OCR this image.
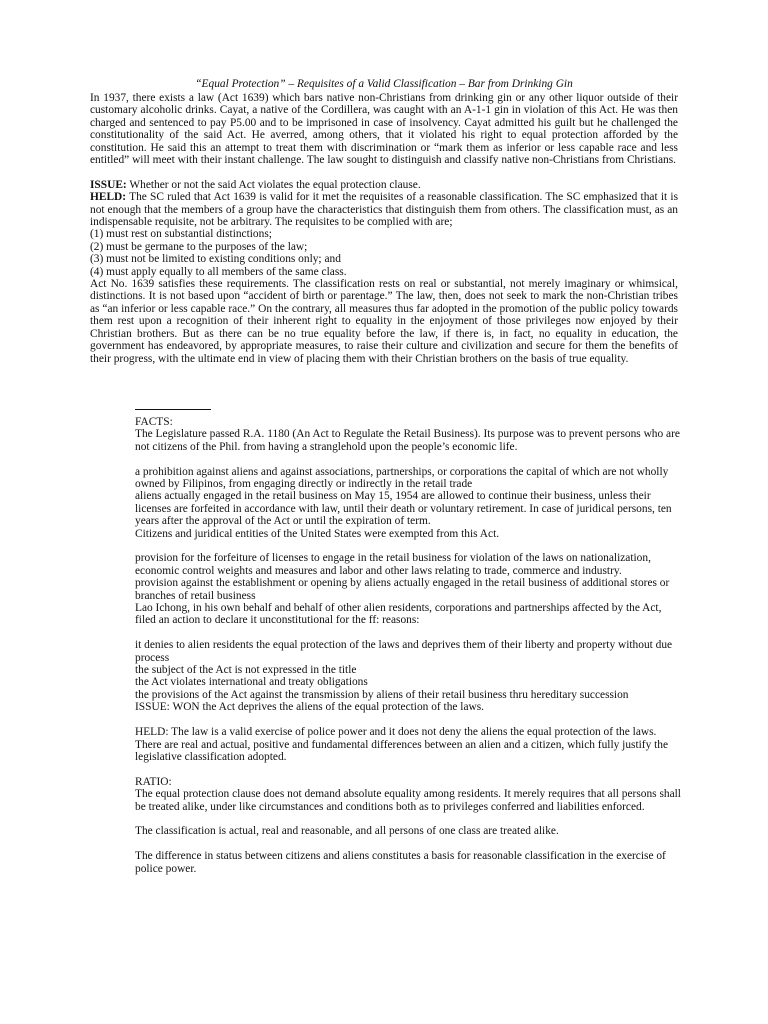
“Equal Protection” – Requisites of a Valid Classification – Bar from Drinking Gin

In 1937, there exists a law (Act 1639) which bars native non-Christians from drinking gin or any other liquor outside of their customary alcoholic drinks. Cayat, a native of the Cordillera, was caught with an A-1-1 gin in violation of this Act. He was then charged and sentenced to pay P5.00 and to be imprisoned in case of insolvency. Cayat admitted his guilt but he challenged the constitutionality of the said Act. He averred, among others, that it violated his right to equal protection afforded by the constitution. He said this an attempt to treat them with discrimination or “mark them as inferior or less capable race and less entitled” will meet with their instant challenge. The law sought to distinguish and classify native non-Christians from Christians.

ISSUE: Whether or not the said Act violates the equal protection clause.

HELD: The SC ruled that Act 1639 is valid for it met the requisites of a reasonable classification. The SC emphasized that it is not enough that the members of a group have the characteristics that distinguish them from others. The classification must, as an indispensable requisite, not be arbitrary. The requisites to be complied with are;

(1) must rest on substantial distinctions;

(2) must be germane to the purposes of the law;

(3) must not be limited to existing conditions only; and

(4) must apply equally to all members of the same class.

Act No. 1639 satisfies these requirements. The classification rests on real or substantial, not merely imaginary or whimsical, distinctions. It is not based upon “accident of birth or parentage.” The law, then, does not seek to mark the non-Christian tribes as “an inferior or less capable race.” On the contrary, all measures thus far adopted in the promotion of the public policy towards them rest upon a recognition of their inherent right to equality in the enjoyment of those privileges now enjoyed by their Christian brothers. But as there can be no true equality before the law, if there is, in fact, no equality in education, the government has endeavored, by appropriate measures, to raise their culture and civilization and secure for them the benefits of their progress, with the ultimate end in view of placing them with their Christian brothers on the basis of true equality.

FACTS:

The Legislature passed R.A. 1180 (An Act to Regulate the Retail Business). Its purpose was to prevent persons who are not citizens of the Phil. from having a stranglehold upon the people’s economic life.

a prohibition against aliens and against associations, partnerships, or corporations the capital of which are not wholly owned by Filipinos, from engaging directly or indirectly in the retail trade

aliens actually engaged in the retail business on May 15, 1954 are allowed to continue their business, unless their licenses are forfeited in accordance with law, until their death or voluntary retirement. In case of juridical persons, ten years after the approval of the Act or until the expiration of term.

Citizens and juridical entities of the United States were exempted from this Act.

provision for the forfeiture of licenses to engage in the retail business for violation of the laws on nationalization, economic control weights and measures and labor and other laws relating to trade, commerce and industry.

provision against the establishment or opening by aliens actually engaged in the retail business of additional stores or branches of retail business

Lao Ichong, in his own behalf and behalf of other alien residents, corporations and partnerships affected by the Act, filed an action to declare it unconstitutional for the ff: reasons:

it denies to alien residents the equal protection of the laws and deprives them of their liberty and property without due process

the subject of the Act is not expressed in the title

the Act violates international and treaty obligations

the provisions of the Act against the transmission by aliens of their retail business thru hereditary succession

ISSUE: WON the Act deprives the aliens of the equal protection of the laws.

HELD: The law is a valid exercise of police power and it does not deny the aliens the equal protection of the laws. There are real and actual, positive and fundamental differences between an alien and a citizen, which fully justify the legislative classification adopted.

RATIO:

The equal protection clause does not demand absolute equality among residents. It merely requires that all persons shall be treated alike, under like circumstances and conditions both as to privileges conferred and liabilities enforced.

The classification is actual, real and reasonable, and all persons of one class are treated alike.

The difference in status between citizens and aliens constitutes a basis for reasonable classification in the exercise of police power.
